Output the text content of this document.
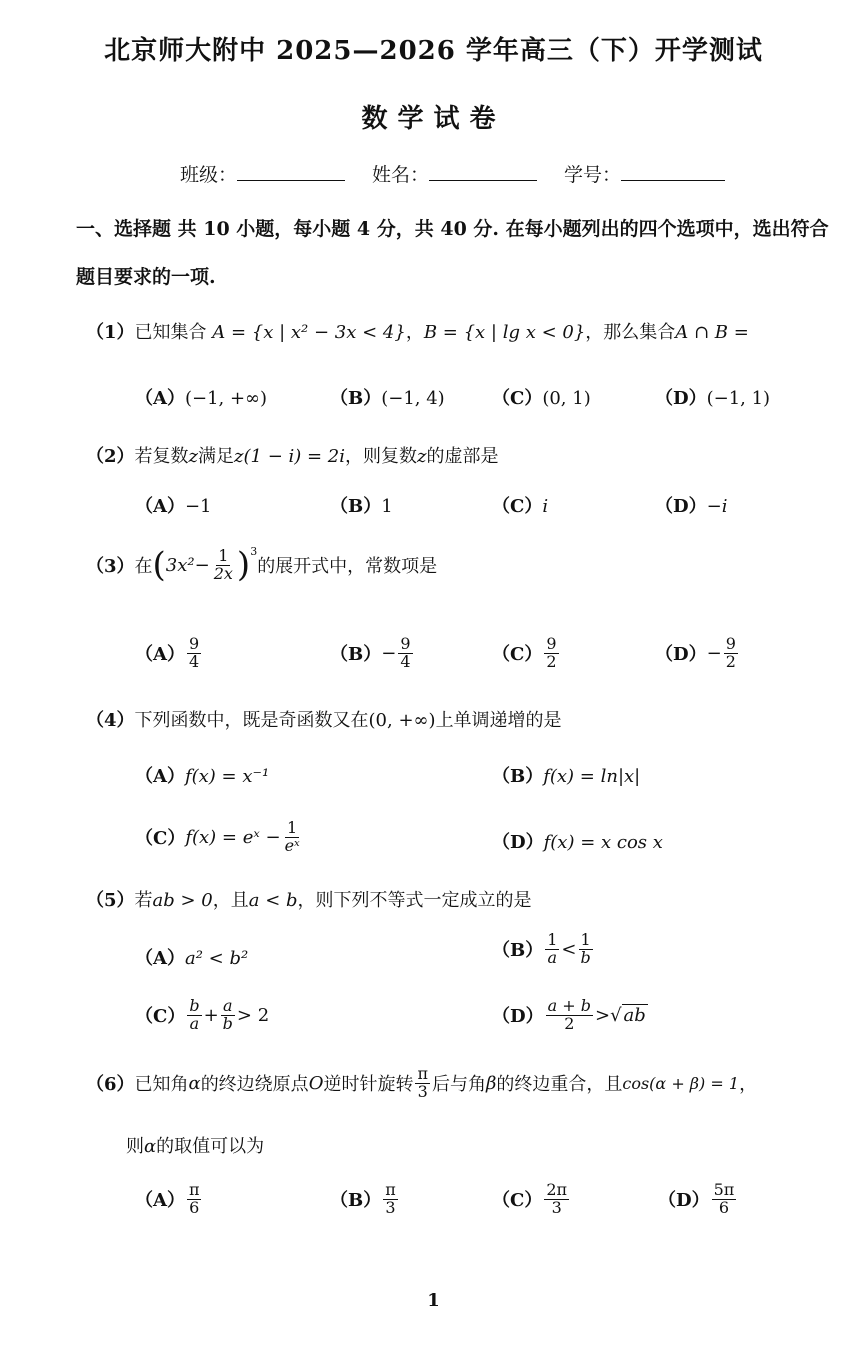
北京师大附中 2025—2026 学年高三（下）开学测试
数学试卷
班级：	姓名：	学号：
一、选择题 共 10 小题，每小题 4 分，共 40 分. 在每小题列出的四个选项中，选出符合
题目要求的一项.
（1）已知集合 A = {x | x² − 3x < 4}，B = {x | lg x < 0}，那么集合A ∩ B =
（A）(−1, +∞)	（B）(−1, 4)	（C）(0, 1)	（D）(−1, 1)
（2）若复数z满足z(1 − i) = 2i，则复数z的虚部是
（A）−1	（B）1	（C）i	（D）−i
（3） 在 ( $3x^2 - \frac{1}{2x}$ ) 3
的展开式中，常数项是
$(A) \frac{9}{4}$	$(B) - \frac{9}{4}$	$(C) \frac{9}{2}$	$(D) - \frac{9}{2}$
（4）下列函数中，既是奇函数又在(0, +∞)上单调递增的是
（A）f(x) = x⁻¹	（B）f(x) = ln|x|
（C） f(x) = eˣ − $\frac{1}{\text{eˣ}}$	（D）f(x) = x cos x
（5）若ab > 0，且a < b，则下列不等式一定成立的是
（A）a² < b²	$(B) \frac{1}{a} < \frac{1}{b}$
$(C) \frac{b}{a} + \frac{a}{b} > 2$	$(D) \frac{a + b}{2}$ > √ ab
（6） 已知角 α 的终边绕原点 O 逆时针旋转 $\frac{\pi}{3}$ 后与角 β 的终边重合，且 cos(α + β) = 1 ，
则α的取值可以为
$(A) \frac{\pi}{6}$	$(B) \frac{\pi}{3}$	$(C) \frac{2\pi}{3}$	$(D) \frac{5\pi}{6}$
1
